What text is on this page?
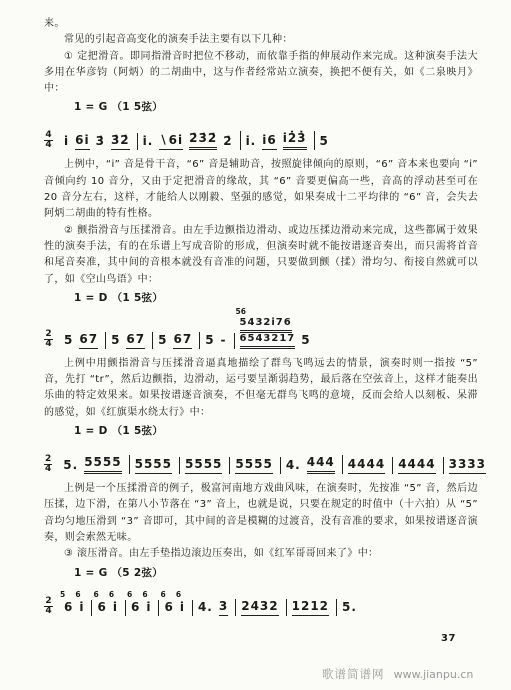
来。

常见的引起音高变化的演奏手法主要有以下几种：

① 定把滑音。即同指滑音时把位不移动，而依靠手指的伸展动作来完成。这种演奏手法大多用在华彦钧（阿炳）的二胡曲中，这与作者经常站立演奏，换把不便有关，如《二泉映月》中：

1 = G （1 5弦）
4
4 i 6i 3̇ 3̇2̇ i. ∖6i 2̇3̇2̇ 2̇ i. i6 i2̇3̇ 5

上例中，“i” 音是骨干音，“6” 音是辅助音，按照旋律倾向的原则，“6” 音本来也要向 “i” 音倾向约 10 音分，又由于定把滑音的缘故，其 “6” 音要更偏高一些，音高的浮动甚至可在 20 音分左右，这样，才能给人以刚毅、坚强的感觉，如果奏成十二平均律的 “6” 音，会失去阿炳二胡曲的特有性格。

② 颤指滑音与压揉滑音。由左手边颤指边滑动、或边压揉边滑动来完成，这些都属于效果性的演奏手法，有的在乐谱上写成音阶的形成，但演奏时就不能按谱逐音奏出，而只需将首音和尾音奏准，其中间的音根本就没有音准的问题，只要做到颤（揉）滑均匀、衔接自然就可以了，如《空山鸟语》中：

1 = D （1 5弦）
2
4 5 67 5 67 5 67 5 -
5432i76
6543217
56
5

上例中用颤指滑音与压揉滑音逼真地描绘了群鸟飞鸣远去的情景，演奏时则一指按 “5” 音，先打 “tr”，然后边颤指，边滑动，运弓要呈渐弱趋势，最后落在空弦音上，这样才能奏出乐曲的特定效果来。如果按谱逐音演奏，不但毫无群鸟飞鸣的意境，反而会给人以刻板、呆滞的感觉，如《红旗渠水绕太行》中：

1 = D （1 5弦）
2
4 5. 5555 5555 5555 5555 4. 444 4444 4444 3333

上例是一个压揉滑音的例子，极富河南地方戏曲风味，在演奏时，先按准 “5” 音，然后边压揉，边下滑，在第八小节落在 “3” 音上，也就是说，只要在规定的时值中（十六拍）从 “5” 音均匀地压滑到 “3” 音即可，其中间的音是模糊的过渡音，没有音准的要求，如果按谱逐音演奏，则会索然无味。

③ 滚压滑音。由左手垫指边滚边压奏出，如《红军哥哥回来了》中：

1 = G （5 2弦）
2
4 6
5
i
6
6
6
i
6
6
6
i
6
6
6
i
6
4. 3 2432 1212 5.
37
歌谱简谱网 www.jianpu.cn
